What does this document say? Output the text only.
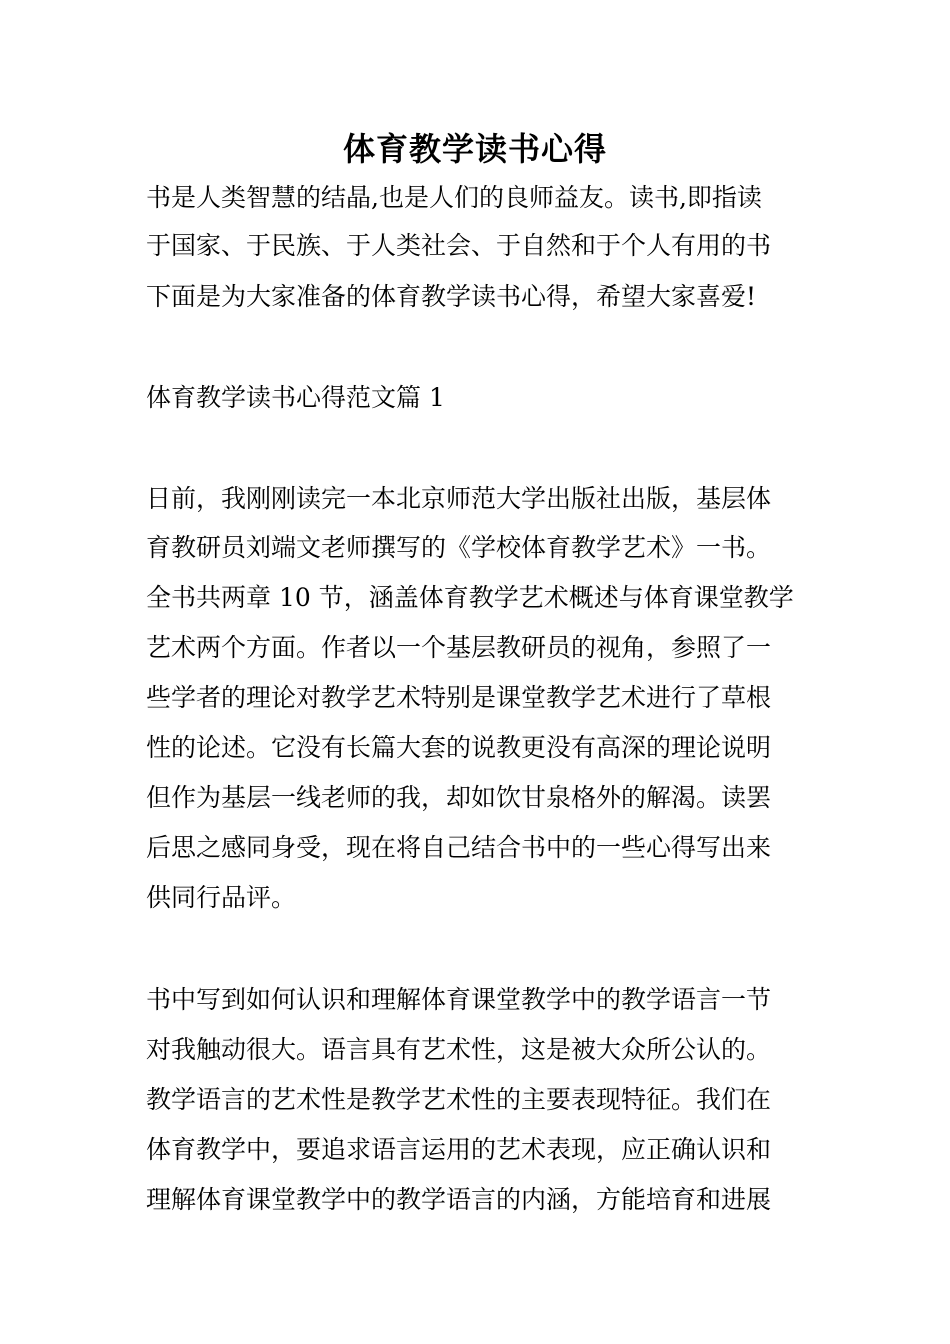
体育教学读书心得
书是人类智慧的结晶,也是人们的良师益友。读书,即指读
于国家、于民族、于人类社会、于自然和于个人有用的书
下面是为大家准备的体育教学读书心得，希望大家喜爱!
体育教学读书心得范文篇 1
日前，我刚刚读完一本北京师范大学出版社出版，基层体
育教研员刘端文老师撰写的《学校体育教学艺术》一书。
全书共两章 10 节，涵盖体育教学艺术概述与体育课堂教学
艺术两个方面。作者以一个基层教研员的视角，参照了一
些学者的理论对教学艺术特别是课堂教学艺术进行了草根
性的论述。它没有长篇大套的说教更没有高深的理论说明
但作为基层一线老师的我，却如饮甘泉格外的解渴。读罢
后思之感同身受，现在将自己结合书中的一些心得写出来
供同行品评。
书中写到如何认识和理解体育课堂教学中的教学语言一节
对我触动很大。语言具有艺术性，这是被大众所公认的。
教学语言的艺术性是教学艺术性的主要表现特征。我们在
体育教学中，要追求语言运用的艺术表现，应正确认识和
理解体育课堂教学中的教学语言的内涵，方能培育和进展
